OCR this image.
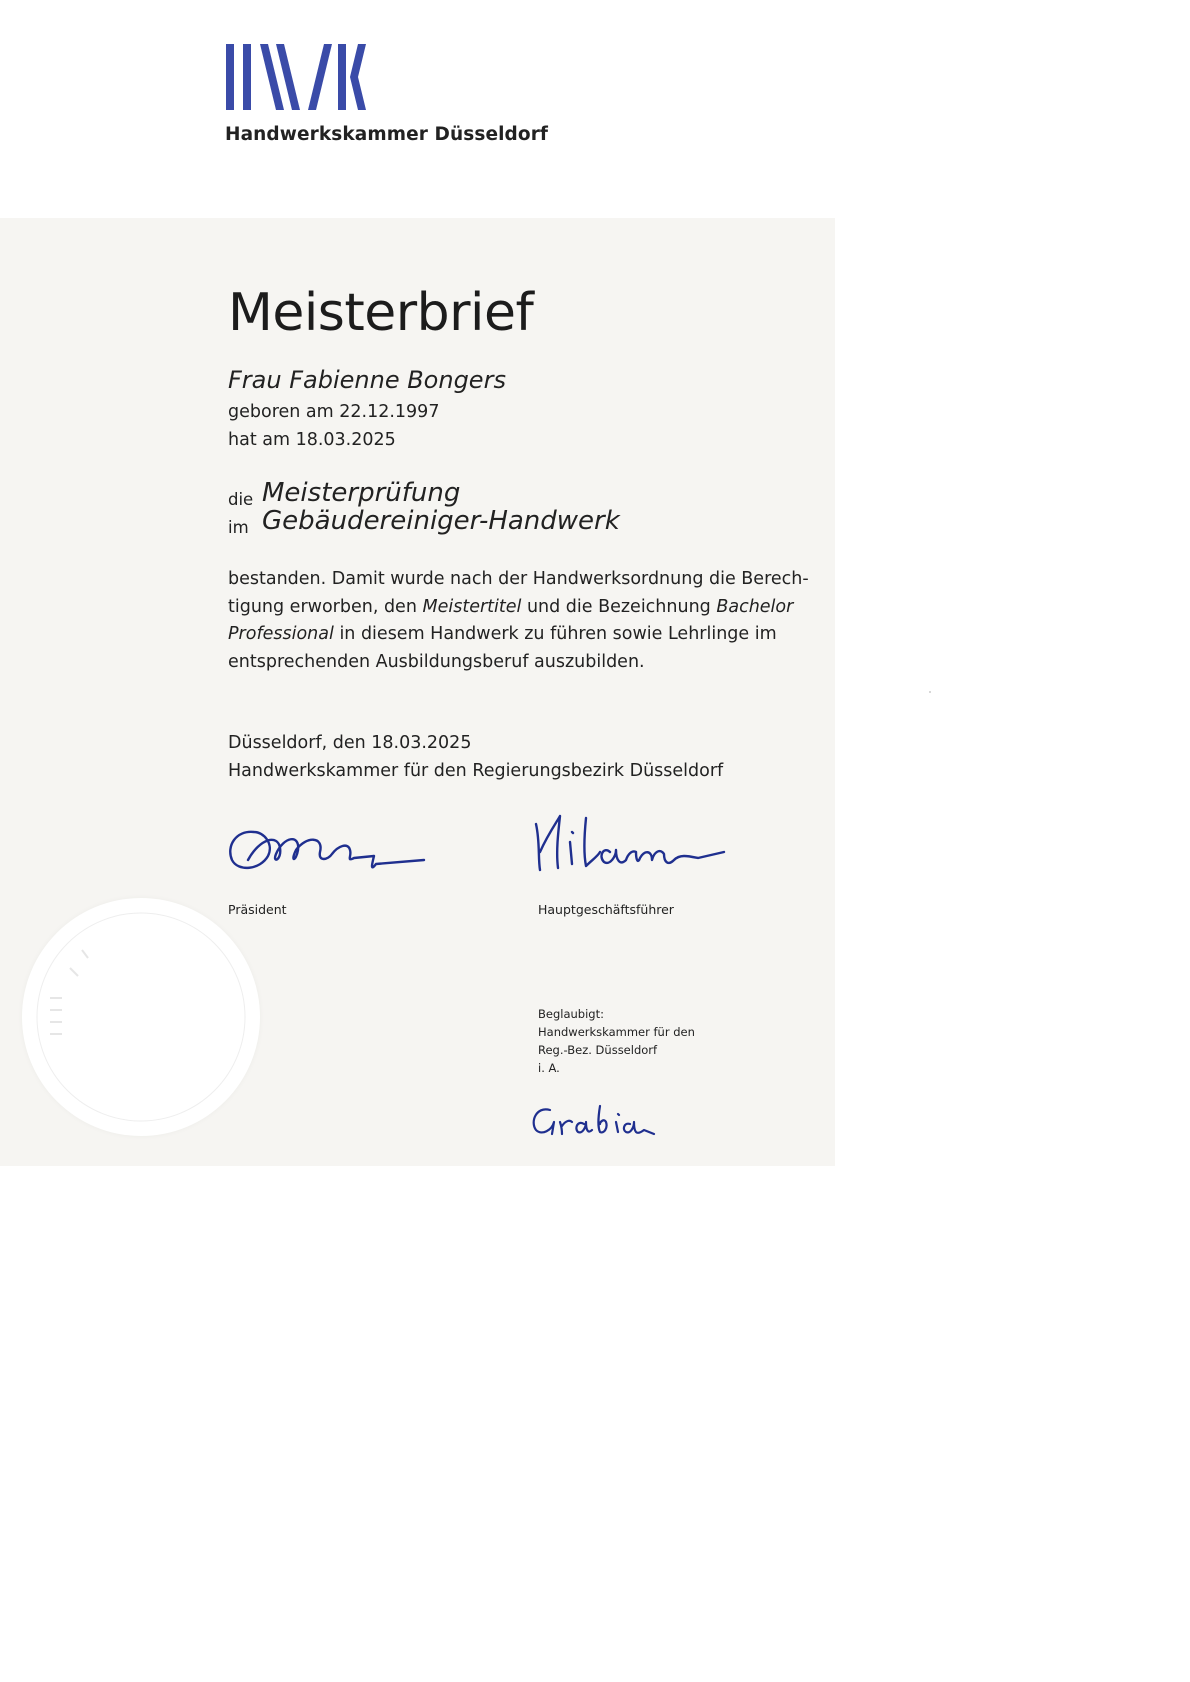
Handwerkskammer Düsseldorf
Meisterbrief
Frau Fabienne Bongers
geboren am 22.12.1997
hat am 18.03.2025
die Meisterprüfung
im Gebäudereiniger-Handwerk
bestanden. Damit wurde nach der Handwerksordnung die Berech-
tigung erworben, den Meistertitel und die Bezeichnung Bachelor
Professional in diesem Handwerk zu führen sowie Lehrlinge im
entsprechenden Ausbildungsberuf auszubilden.
Düsseldorf, den 18.03.2025
Handwerkskammer für den Regierungsbezirk Düsseldorf
Präsident	Hauptgeschäftsführer
Beglaubigt:
Handwerkskammer für den
Reg.-Bez. Düsseldorf
i. A.
